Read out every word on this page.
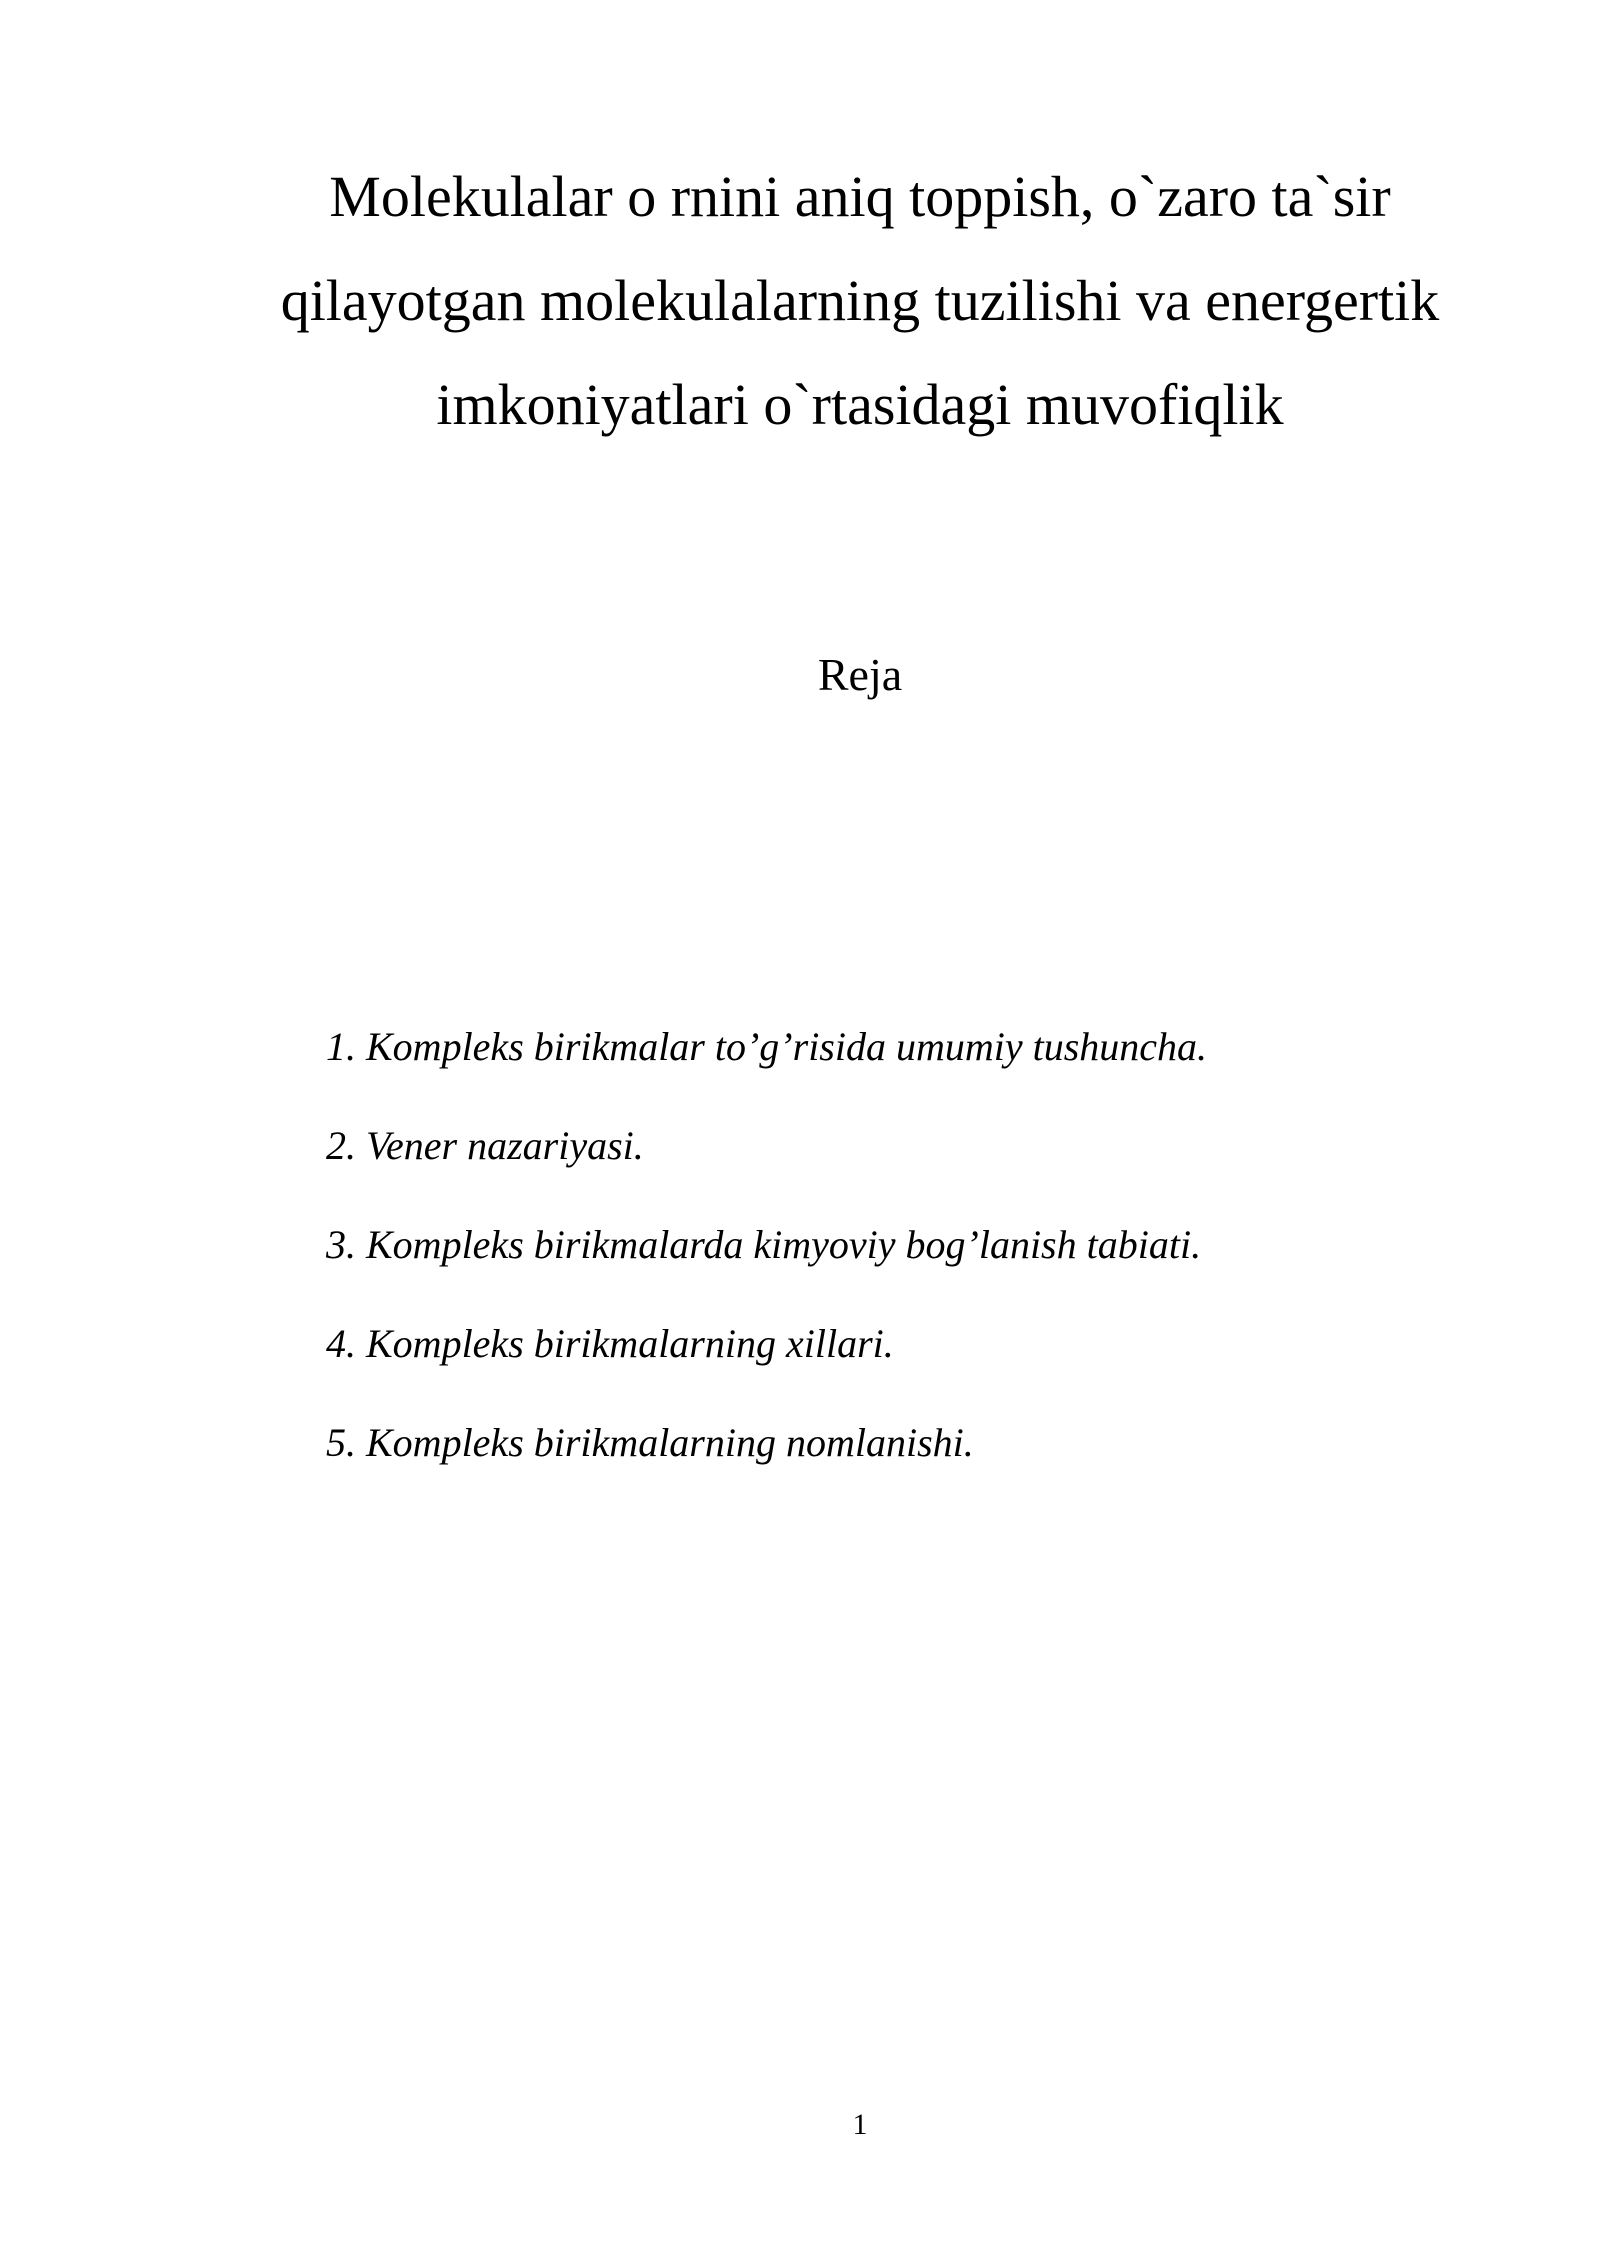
Molekulalar o rnini aniq toppish, o`zaro ta`sir
qilayotgan molekulalarning tuzilishi va energertik
imkoniyatlari o`rtasidagi muvofiqlik
Reja
1. Kompleks birikmalar to’g’risida umumiy tushuncha.
2. Vener nazariyasi.
3. Kompleks birikmalarda kimyoviy bog’lanish tabiati.
4. Kompleks birikmalarning xillari.
5. Kompleks birikmalarning nomlanishi.
1
